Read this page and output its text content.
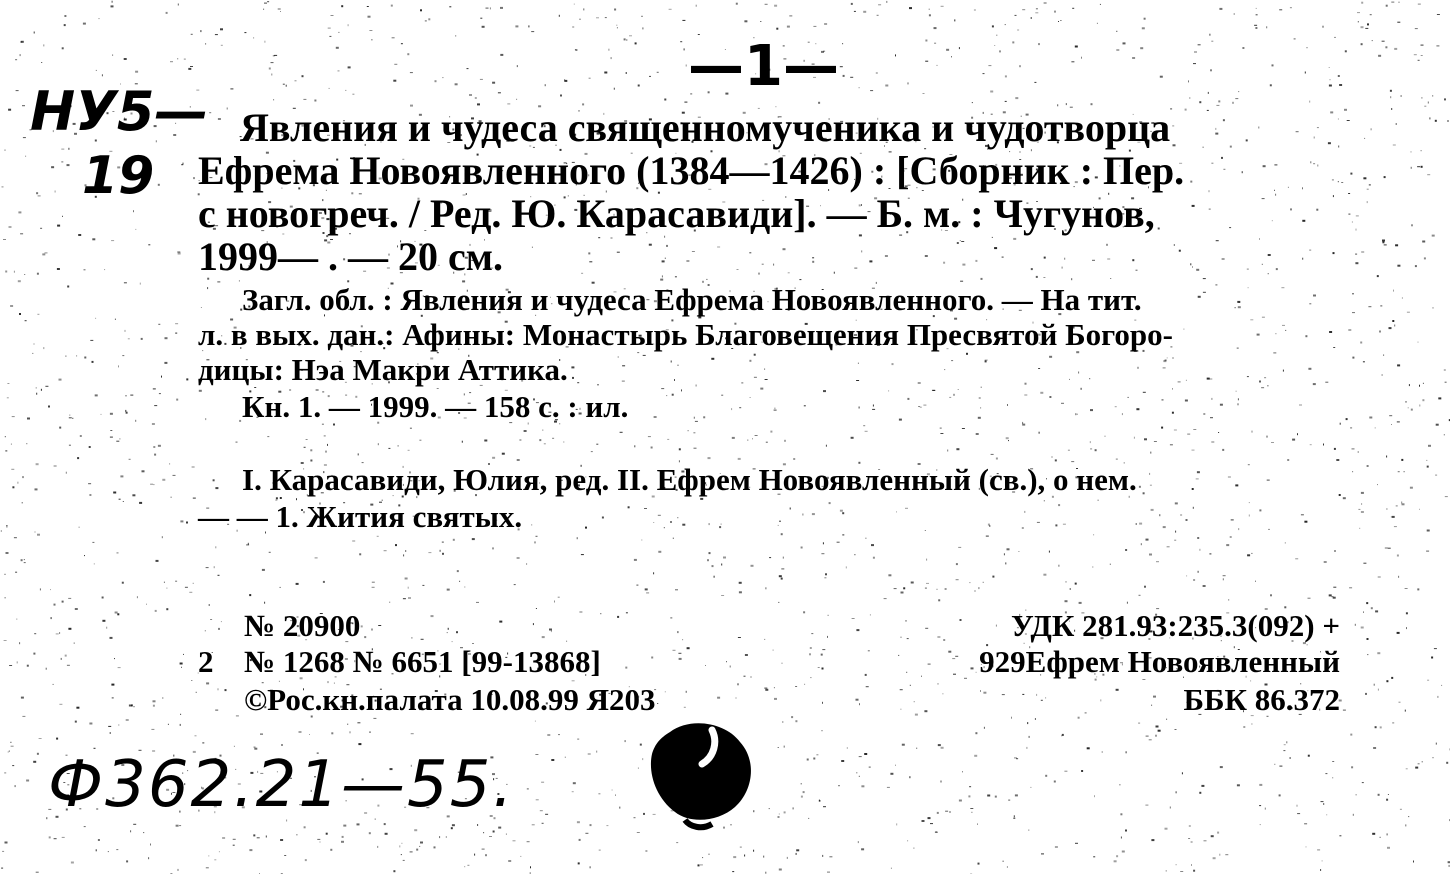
—1—
НУ5—
19
Явления и чудеса священномученика и чудотворца
Ефрема Новоявленного (1384—1426) : [Сборник : Пер.
с новогреч. / Ред. Ю. Карасавиди]. — Б. м. : Чугунов,
1999— . — 20 см.
Загл. обл. : Явления и чудеса Ефрема Новоявленного. — На тит.
л. в вых. дан.: Афины: Монастырь Благовещения Пресвятой Богоро-
дицы: Нэа Макри Аттика.
Кн. 1. — 1999. — 158 с. : ил.
I. Карасавиди, Юлия, ред. II. Ефрем Новоявленный (св.), о нем.
— — 1. Жития святых.
№ 20900
2 № 1268 № 6651 [99-13868]
©Рос.кн.палата 10.08.99 Я203
УДК 281.93:235.3(092) +
929Ефрем Новоявленный
ББК 86.372
Ф362.21—55.
